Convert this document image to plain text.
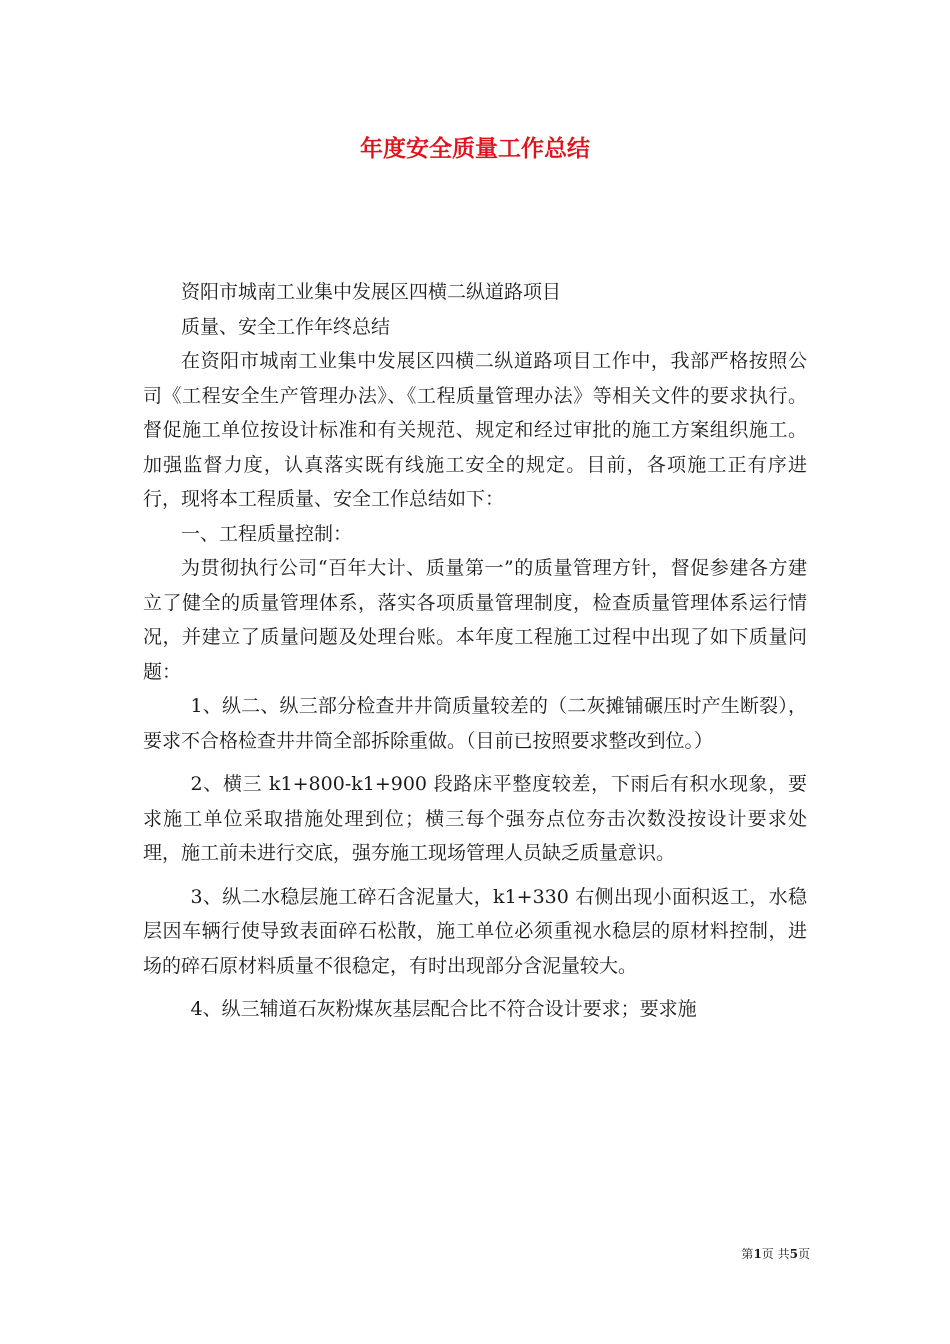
年度安全质量工作总结

资阳市城南工业集中发展区四横二纵道路项目

质量、安全工作年终总结

在资阳市城南工业集中发展区四横二纵道路项目工作中，我部严格按照公司《工程安全生产管理办法》、《工程质量管理办法》等相关文件的要求执行。督促施工单位按设计标准和有关规范、规定和经过审批的施工方案组织施工。加强监督力度，认真落实既有线施工安全的规定。目前，各项施工正有序进行，现将本工程质量、安全工作总结如下：

一、工程质量控制：

为贯彻执行公司“百年大计、质量第一”的质量管理方针，督促参建各方建立了健全的质量管理体系，落实各项质量管理制度，检查质量管理体系运行情况，并建立了质量问题及处理台账。本年度工程施工过程中出现了如下质量问题：

1、纵二、纵三部分检查井井筒质量较差的（二灰摊铺碾压时产生断裂），要求不合格检查井井筒全部拆除重做。（目前已按照要求整改到位。）

2、横三 k1+800-k1+900 段路床平整度较差，下雨后有积水现象，要求施工单位采取措施处理到位；横三每个强夯点位夯击次数没按设计要求处理，施工前未进行交底，强夯施工现场管理人员缺乏质量意识。

3、纵二水稳层施工碎石含泥量大，k1+330 右侧出现小面积返工，水稳层因车辆行使导致表面碎石松散，施工单位必须重视水稳层的原材料控制，进场的碎石原材料质量不很稳定，有时出现部分含泥量较大。

4、纵三辅道石灰粉煤灰基层配合比不符合设计要求；要求施

第1页 共5页
